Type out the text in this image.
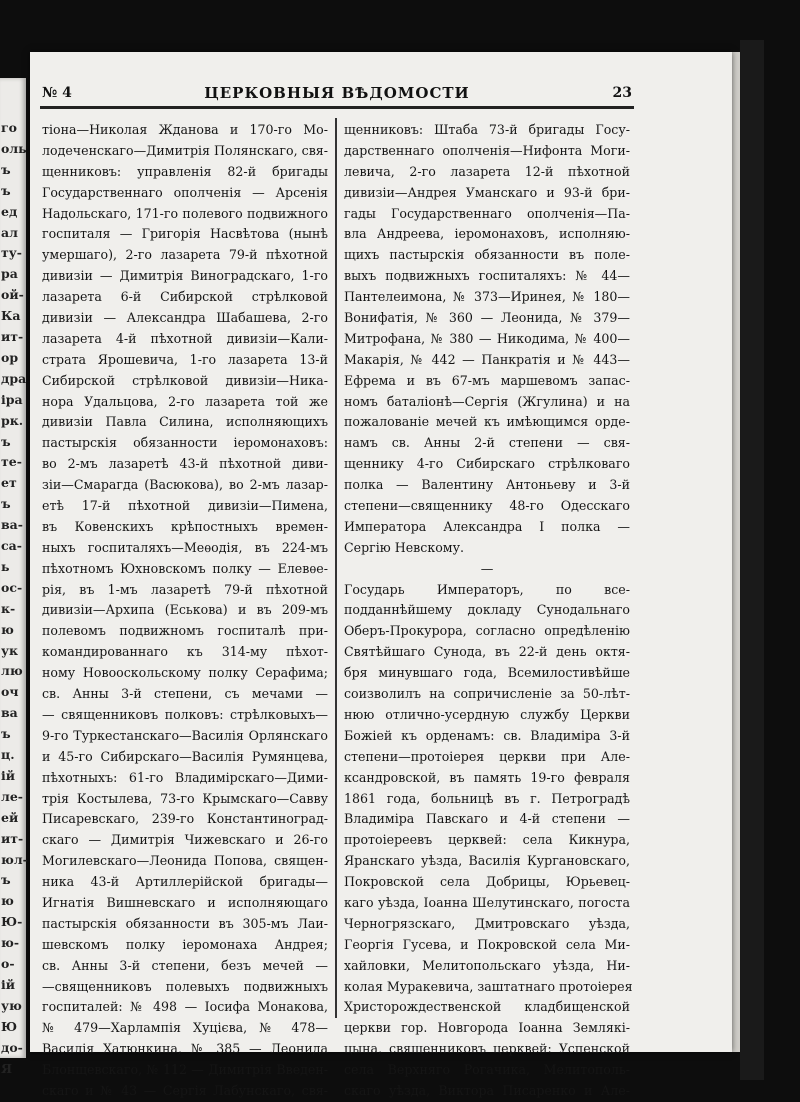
го
оль
ъ
ъ
ед
ал
ту-
ра
ой-
Ка
ит-
ор
дра
іра
рк.
ъ
те-
ет
ъ
ва-
са-
ь
ос-
к-
ю
ук
лю
оч
ва
ъ
ц.
ій
ле-
ей
ит-
юл-
ъ
ю
Ю-
ю-
о-
ій
ую
Ю
до-
Я
№ 4	ЦЕРКОВНЫЯ ВѢДОМОСТИ	23
тіона—Николая Жданова и 170-го Мо-
лодеченскаго—Димитрія Полянскаго, свя-
щенниковъ: управленія 82-й бригады
Государственнаго ополченія — Арсенія
Надольскаго, 171-го полевого подвижного
госпиталя — Григорія Насвѣтова (нынѣ
умершаго), 2-го лазарета 79-й пѣхотной
дивизіи — Димитрія Виноградскаго, 1-го
лазарета 6-й Сибирской стрѣлковой
дивизіи — Александра Шабашева, 2-го
лазарета 4-й пѣхотной дивизіи—Кали-
страта Ярошевича, 1-го лазарета 13-й
Сибирской стрѣлковой дивизіи—Ника-
нора Удальцова, 2-го лазарета той же
дивизіи Павла Силина, исполняющихъ
пастырскія обязанности іеромонаховъ:
во 2-мъ лазаретѣ 43-й пѣхотной диви-
зіи—Смарагда (Васюкова), во 2-мъ лазар-
етѣ 17-й пѣхотной дивизіи—Пимена,
въ Ковенскихъ крѣпостныхъ времен-
ныхъ госпиталяхъ—Меѳодія, въ 224-мъ
пѣхотномъ Юхновскомъ полку — Елевѳе-
рія, въ 1-мъ лазаретѣ 79-й пѣхотной
дивизіи—Архипа (Еськова) и въ 209-мъ
полевомъ подвижномъ госпиталѣ при-
командированнаго къ 314-му пѣхот-
ному Новооскольскому полку Серафима;
св. Анны 3-й степени, съ мечами —
— священниковъ полковъ: стрѣлковыхъ—
9-го Туркестанскаго—Василія Орлянскаго
и 45-го Сибирскаго—Василія Румянцева,
пѣхотныхъ: 61-го Владимірскаго—Дими-
трія Костылева, 73-го Крымскаго—Савву
Писаревскаго, 239-го Константиноград-
скаго — Димитрія Чижевскаго и 26-го
Могилевскаго—Леонида Попова, священ-
ника 43-й Артиллерійской бригады—
Игнатія Вишневскаго и исполняющаго
пастырскія обязанности въ 305-мъ Лаи-
шевскомъ полку іеромонаха Андрея;
св. Анны 3-й степени, безъ мечей —
—священниковъ полевыхъ подвижныхъ
госпиталей: № 498 — Іосифа Монакова,
№ 479—Харлампія Хуцієва, № 478—
Василія Хатюнкина, № 385 — Леонида
Блонщевскаго, № 112 — Димитрія Введен-
скаго и № 43 — Сергія Лабунскаго, свя-
щенниковъ: Штаба 73-й бригады Госу-
дарственнаго ополченія—Нифонта Моги-
левича, 2-го лазарета 12-й пѣхотной
дивизіи—Андрея Уманскаго и 93-й бри-
гады Государственнаго ополченія—Па-
вла Андреева, іеромонаховъ, исполняю-
щихъ пастырскія обязанности въ поле-
выхъ подвижныхъ госпиталяхъ: № 44—
Пантелеимона, № 373—Иринея, № 180—
Вонифатія, № 360 — Леонида, № 379—
Митрофана, № 380 — Никодима, № 400—
Макарія, № 442 — Панкратія и № 443—
Ефрема и въ 67-мъ маршевомъ запас-
номъ баталіонѣ—Сергія (Жгулина) и на
пожалованіе мечей къ имѣющимся орде-
намъ св. Анны 2-й степени — свя-
щеннику 4-го Сибирскаго стрѣлковаго
полка — Валентину Антоньеву и 3-й
степени—священнику 48-го Одесскаго
Императора Александра I полка —
Сергію Невскому.
—
Государь Императоръ, по все-
подданнѣйшему докладу Сунодальнаго
Оберъ-Прокурора, согласно опредѣленію
Святѣйшаго Сунода, въ 22-й день октя-
бря минувшаго года, Всемилостивѣйше
соизволилъ на сопричисленіе за 50-лѣт-
нюю отлично-усердную службу Церкви
Божіей къ орденамъ: св. Владиміра 3-й
степени—протоіерея церкви при Але-
ксандровской, въ память 19-го февраля
1861 года, больницѣ въ г. Петроградѣ
Владиміра Павскаго и 4-й степени —
протоіереевъ церквей: села Кикнура,
Яранскаго уѣзда, Василія Кургановскаго,
Покровской села Добрицы, Юрьевец-
каго уѣзда, Іоанна Шелутинскаго, погоста
Черногрязскаго, Дмитровскаго уѣзда,
Георгія Гусева, и Покровской села Ми-
хайловки, Мелитопольскаго уѣзда, Ни-
колая Муракевича, заштатнаго протоіерея
Христорождественской кладбищенской
церкви гор. Новгорода Іоанна Землякі-
цына, священниковъ церквей: Успенской
села Верхняго Рогачика, Мелитополь-
скаго уѣзда, Виктора Писаренко и Але-
